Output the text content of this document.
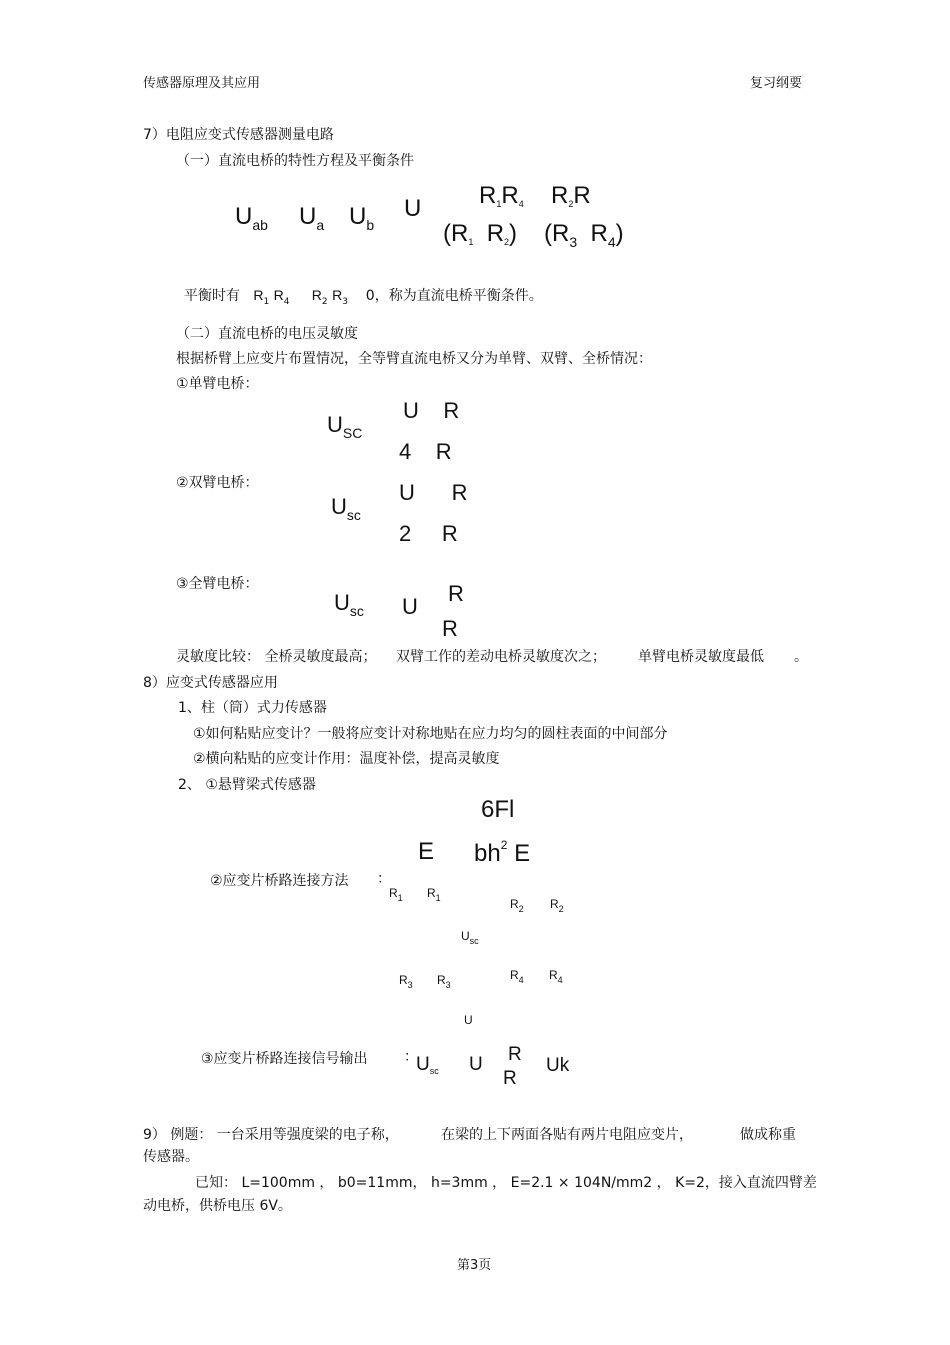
传感器原理及其应用	复习纲要
7）电阻应变式传感器测量电路
（一）直流电桥的特性方程及平衡条件
$U_{ab}$ $U_a$ $U_b$
U $R_1R_4$ $R_2R$
($R_1$ $R_2$) ($R_3$ $R_4$)
平衡时有 $R_1$ $R_4$ $R_2$ $R_3$ 0，称为直流电桥平衡条件。
（二）直流电桥的电压灵敏度
根据桥臂上应变片布置情况，全等臂直流电桥又分为单臂、双臂、全桥情况：
①单臂电桥：
$U_{SC}$
U R
4 R
②双臂电桥：
$U_{sc}$
U R
2 R
③全臂电桥：
$U_{sc}$ U
R
R
灵敏度比较： 全桥灵敏度最高； 双臂工作的差动电桥灵敏度次之； 单臂电桥灵敏度最低 。
8）应变式传感器应用
1、柱（筒）式力传感器
①如何粘贴应变计？一般将应变计对称地贴在应力均匀的圆柱表面的中间部分
②横向粘贴的应变计作用：温度补偿，提高灵敏度
2、 ①悬臂梁式传感器
6Fl
E $bh^2$ E
②应变片桥路连接方法 ：
$R_1$ $R_1$	$R_2$ $R_2$
$U_{sc}$
$R_3$ $R_3$
$R_4$ $R_4$
U
③应变片桥路连接信号输出	：
$U_{sc}$ U R
R
Uk
9） 例题： 一台采用等强度梁的电子称，	在梁的上下两面各贴有两片电阻应变片，	做成称重
传感器。
已知： L=100mm ， b0=11mm， h=3mm ， E=2.1 × 104N/mm2 ， K=2，接入直流四臂差
动电桥，供桥电压 6V。
第3页
